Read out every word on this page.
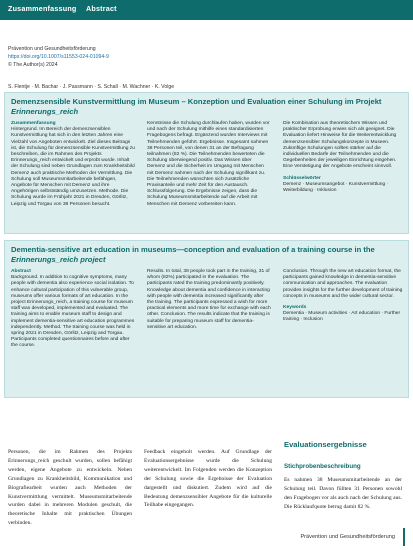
Zusammenfassung Abstract
Prävention und Gesundheitsförderung
https://doi.org/10.1007/s11553-024-01094-9
© The Author(s) 2024
S. Flentje · M. Bachar · J. Passmann · S. Schall · M. Wachner · K. Volge
Demenzsensible Kunstvermittlung im Museum – Konzeption und Evaluation einer Schulung im Projekt
Erinnerungs_reich
Zusammenfassung

Hintergrund. Im Bereich der demenzsensiblen Kunstvermittlung hat sich in den letzten Jahren eine Vielzahl von Angeboten entwickelt. Ziel dieses Beitrags ist, die Schulung für demenzsensible Kunstvermittlung zu beschreiben, die im Rahmen des Projekts Erinnerungs_reich entwickelt und erprobt wurde. Inhalt der Schulung sind neben Grundlagen zum Krankheitsbild Demenz auch praktische Methoden der Vermittlung. Die Schulung soll Museumsmitarbeitende befähigen, Angebote für Menschen mit Demenz und ihre Angehörigen selbstständig umzusetzen. Methode. Die Schulung wurde im Frühjahr 2021 in Dresden, Görlitz, Leipzig und Torgau von 38 Personen besucht.

Kenntnisse die Schulung durchlaufen haben, wurden vor und nach der Schulung mithilfe eines standardisierten Fragebogens befragt. Ergänzend wurden Interviews mit Teilnehmenden geführt. Ergebnisse. Insgesamt nahmen 38 Personen teil, von denen 31 an der Befragung teilnahmen (82 %). Die Teilnehmenden bewerteten die Schulung überwiegend positiv. Das Wissen über Demenz und die Sicherheit im Umgang mit Menschen mit Demenz nahmen nach der Schulung signifikant zu. Die Teilnehmenden wünschten sich zusätzliche Praxisanteile und mehr Zeit für den Austausch. Schlussfolgerung. Die Ergebnisse zeigen, dass die Schulung Museumsmitarbeitende auf die Arbeit mit Menschen mit Demenz vorbereiten kann.

Die Kombination aus theoretischem Wissen und praktischer Erprobung erwies sich als geeignet. Die Evaluation liefert Hinweise für die Weiterentwicklung demenzsensibler Schulungskonzepte in Museen. Zukünftige Schulungen sollten stärker auf die individuellen Bedarfe der Teilnehmenden und die Gegebenheiten der jeweiligen Einrichtung eingehen. Eine Verstetigung der Angebote erscheint sinnvoll.

Schlüsselwörter

Demenz · Museumsangebot · Kunstvermittlung · Weiterbildung · Inklusion

Dementia-sensitive art education in museums—conception and evaluation of a training course in the
Erinnerungs_reich project
Abstract

Background. In addition to cognitive symptoms, many people with dementia also experience social isolation. To enhance cultural participation of this vulnerable group, museums offer various formats of art education. In the project Erinnerungs_reich, a training course for museum staff was developed, implemented and evaluated. The training aims to enable museum staff to design and implement dementia-sensitive art education programmes independently. Method. The training course was held in spring 2021 in Dresden, Görlitz, Leipzig and Torgau. Participants completed questionnaires before and after the course.

Results. In total, 38 people took part in the training, 31 of whom (82%) participated in the evaluation. The participants rated the training predominantly positively. Knowledge about dementia and confidence in interacting with people with dementia increased significantly after the training. The participants expressed a wish for more practical elements and more time for exchange with each other. Conclusion. The results indicate that the training is suitable for preparing museum staff for dementia-sensitive art education.

Conclusion. Through the new art education format, the participants gained knowledge in dementia-sensitive communication and approaches. The evaluation provides insights for the further development of training concepts in museums and the wider cultural sector.

Keywords

Dementia · Museum activities · Art education · Further training · Inclusion

Personen, die im Rahmen des Projekts Erinnerungs_reich geschult wurden, sollen befähigt werden, eigene Angebote zu entwickeln. Neben Grundlagen zu Krankheitsbild, Kommunikation und Biografiearbeit wurden auch Methoden der Kunstvermittlung vermittelt. Museumsmitarbeitende wurden dabei in mehreren Modulen geschult, die theoretische Inhalte mit praktischen Übungen verbinden.
Feedback eingeholt werden. Auf Grundlage der Evaluationsergebnisse wurde die Schulung weiterentwickelt. Im Folgenden werden die Konzeption der Schulung sowie die Ergebnisse der Evaluation dargestellt und diskutiert. Zudem wird auf die Bedeutung demenzsensibler Angebote für die kulturelle Teilhabe eingegangen.
Evaluationsergebnisse
Stichprobenbeschreibung
Es nahmen 38 Museumsmitarbeitende an der Schulung teil. Davon füllten 31 Personen sowohl den Fragebogen vor als auch nach der Schulung aus. Die Rücklaufquote betrug damit 82 %.
Prävention und Gesundheitsförderung
